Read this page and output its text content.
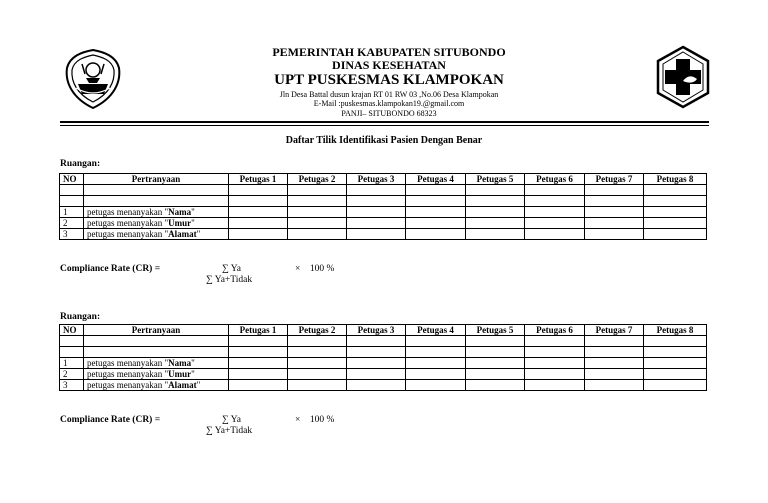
PEMERINTAH KABUPATEN SITUBONDO
DINAS KESEHATAN
UPT PUSKESMAS KLAMPOKAN
Jln Desa Battal dusun krajan RT 01 RW 03 ,No.06 Desa Klampokan
E-Mail :puskesmas.klampokan19.@gmail.com
PANJI– SITUBONDO 68323
Daftar Tilik Identifikasi Pasien Dengan Benar
Ruangan:
NO	Pertranyaan	Petugas 1	Petugas 2	Petugas 3	Petugas 4	Petugas 5	Petugas 6	Petugas 7	Petugas 8

1	petugas menanyakan "Nama"								
2	petugas menanyakan "Umur"								
3	petugas menanyakan "Alamat"								
Compliance Rate (CR) =	∑ Ya
∑ Ya+Tidak
×    100 %
Ruangan:
NO	Pertranyaan	Petugas 1	Petugas 2	Petugas 3	Petugas 4	Petugas 5	Petugas 6	Petugas 7	Petugas 8

1	petugas menanyakan "Nama"								
2	petugas menanyakan "Umur"								
3	petugas menanyakan "Alamat"								
Compliance Rate (CR) =	∑ Ya
∑ Ya+Tidak
×    100 %
